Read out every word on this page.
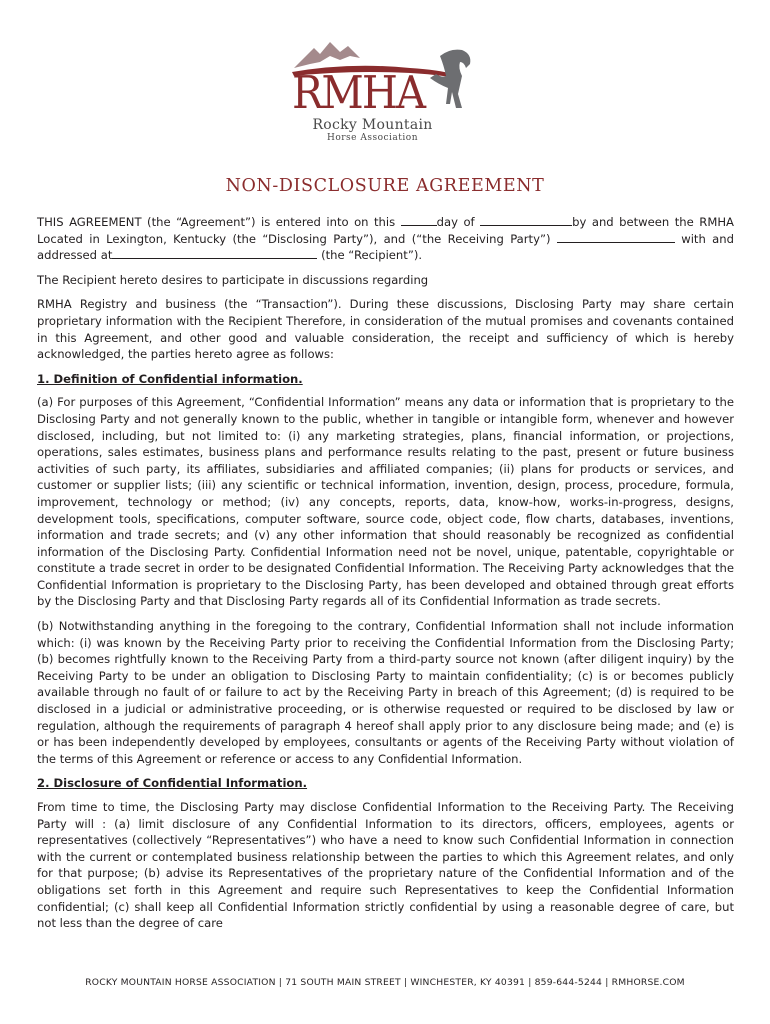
RMHA
Rocky Mountain
Horse Association
NON-DISCLOSURE AGREEMENT

THIS AGREEMENT (the “Agreement”) is entered into on this	day of	by and between the RMHA Located in Lexington, Kentucky (the “Disclosing Party”), and (“the Receiving Party”)	with and addressed at	(the “Recipient”).

The Recipient hereto desires to participate in discussions regarding

RMHA Registry and business (the “Transaction”). During these discussions, Disclosing Party may share certain proprietary information with the Recipient Therefore, in consideration of the mutual promises and covenants contained in this Agreement, and other good and valuable consideration, the receipt and sufficiency of which is hereby acknowledged, the parties hereto agree as follows:

1. Definition of Confidential information.

(a) For purposes of this Agreement, “Confidential Information” means any data or information that is proprietary to the Disclosing Party and not generally known to the public, whether in tangible or intangible form, whenever and however disclosed, including, but not limited to: (i) any marketing strategies, plans, financial information, or projections, operations, sales estimates, business plans and performance results relating to the past, present or future business activities of such party, its affiliates, subsidiaries and affiliated companies; (ii) plans for products or services, and customer or supplier lists; (iii) any scientific or technical information, invention, design, process, procedure, formula, improvement, technology or method; (iv) any concepts, reports, data, know-how, works-in-progress, designs, development tools, specifications, computer software, source code, object code, flow charts, databases, inventions, information and trade secrets; and (v) any other information that should reasonably be recognized as confidential information of the Disclosing Party. Confidential Information need not be novel, unique, patentable, copyrightable or constitute a trade secret in order to be designated Confidential Information. The Receiving Party acknowledges that the Confidential Information is proprietary to the Disclosing Party, has been developed and obtained through great efforts by the Disclosing Party and that Disclosing Party regards all of its Confidential Information as trade secrets.

(b) Notwithstanding anything in the foregoing to the contrary, Confidential Information shall not include information which: (i) was known by the Receiving Party prior to receiving the Confidential Information from the Disclosing Party; (b) becomes rightfully known to the Receiving Party from a third-party source not known (after diligent inquiry) by the Receiving Party to be under an obligation to Disclosing Party to maintain confidentiality; (c) is or becomes publicly available through no fault of or failure to act by the Receiving Party in breach of this Agreement; (d) is required to be disclosed in a judicial or administrative proceeding, or is otherwise requested or required to be disclosed by law or regulation, although the requirements of paragraph 4 hereof shall apply prior to any disclosure being made; and (e) is or has been independently developed by employees, consultants or agents of the Receiving Party without violation of the terms of this Agreement or reference or access to any Confidential Information.

2. Disclosure of Confidential Information.

From time to time, the Disclosing Party may disclose Confidential Information to the Receiving Party. The Receiving Party will : (a) limit disclosure of any Confidential Information to its directors, officers, employees, agents or representatives (collectively “Representatives”) who have a need to know such Confidential Information in connection with the current or contemplated business relationship between the parties to which this Agreement relates, and only for that purpose; (b) advise its Representatives of the proprietary nature of the Confidential Information and of the obligations set forth in this Agreement and require such Representatives to keep the Confidential Information confidential; (c) shall keep all Confidential Information strictly confidential by using a reasonable degree of care, but not less than the degree of care

ROCKY MOUNTAIN HORSE ASSOCIATION | 71 SOUTH MAIN STREET | WINCHESTER, KY 40391 | 859-644-5244 | RMHORSE.COM
